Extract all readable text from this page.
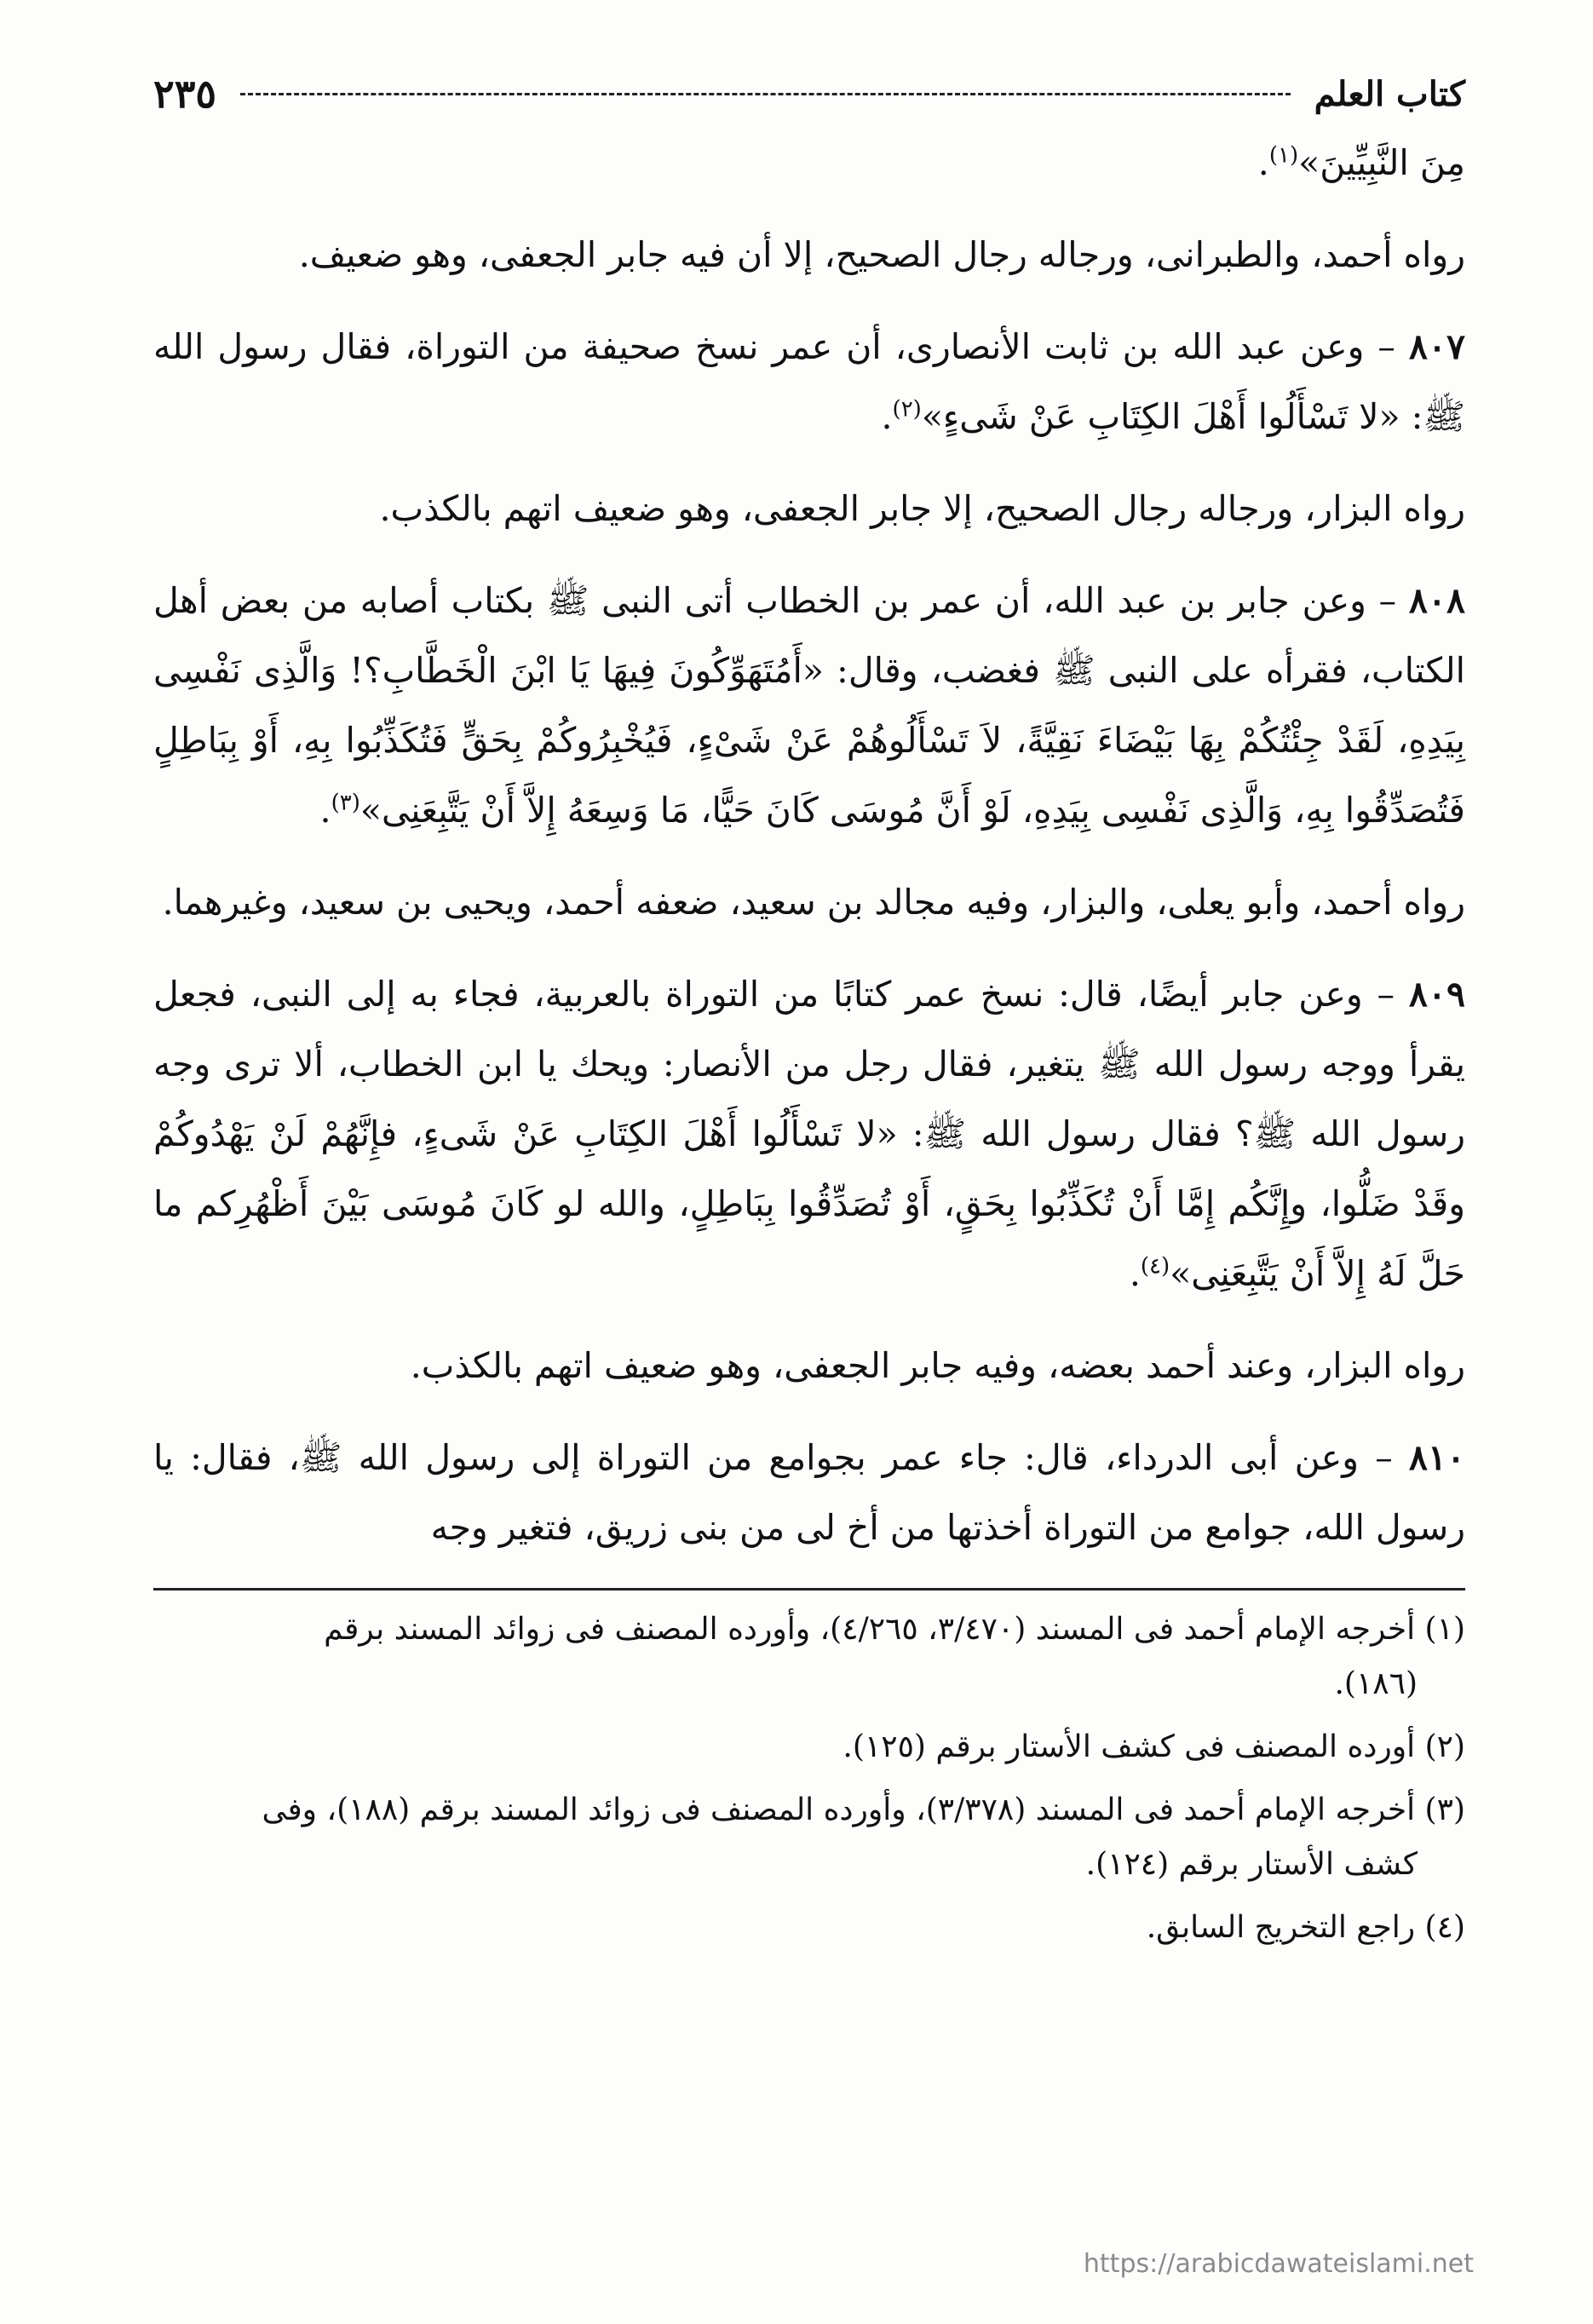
كتاب العلم
٢٣٥

مِنَ النَّبِيِّينَ»$^{(١)}$.

رواه أحمد، والطبرانى، ورجاله رجال الصحيح، إلا أن فيه جابر الجعفى، وهو ضعيف.

٨٠٧ – وعن عبد الله بن ثابت الأنصارى، أن عمر نسخ صحيفة من التوراة، فقال رسول الله ﷺ: «لا تَسْأَلُوا أَهْلَ الكِتَابِ عَنْ شَىءٍ»$^{(٢)}$.

رواه البزار، ورجاله رجال الصحيح، إلا جابر الجعفى، وهو ضعيف اتهم بالكذب.

٨٠٨ – وعن جابر بن عبد الله، أن عمر بن الخطاب أتى النبى ﷺ بكتاب أصابه من بعض أهل الكتاب، فقرأه على النبى ﷺ فغضب، وقال: «أَمُتَهَوِّكُونَ فِيهَا يَا ابْنَ الْخَطَّابِ؟! وَالَّذِى نَفْسِى بِيَدِهِ، لَقَدْ جِئْتُكُمْ بِهَا بَيْضَاءَ نَقِيَّةً، لاَ تَسْأَلُوهُمْ عَنْ شَىْءٍ، فَيُخْبِرُوكُمْ بِحَقٍّ فَتُكَذِّبُوا بِهِ، أَوْ بِبَاطِلٍ فَتُصَدِّقُوا بِهِ، وَالَّذِى نَفْسِى بِيَدِهِ، لَوْ أَنَّ مُوسَى كَانَ حَيًّا، مَا وَسِعَهُ إِلاَّ أَنْ يَتَّبِعَنِى»$^{(٣)}$.

رواه أحمد، وأبو يعلى، والبزار، وفيه مجالد بن سعيد، ضعفه أحمد، ويحيى بن سعيد، وغيرهما.

٨٠٩ – وعن جابر أيضًا، قال: نسخ عمر كتابًا من التوراة بالعربية، فجاء به إلى النبى، فجعل يقرأ ووجه رسول الله ﷺ يتغير، فقال رجل من الأنصار: ويحك يا ابن الخطاب، ألا ترى وجه رسول الله ﷺ؟ فقال رسول الله ﷺ: «لا تَسْأَلُوا أَهْلَ الكِتَابِ عَنْ شَىءٍ، فإِنَّهُمْ لَنْ يَهْدُوكُمْ وقَدْ ضَلُّوا، وإِنَّكُم إِمَّا أَنْ تُكَذِّبُوا بِحَقٍ، أَوْ تُصَدِّقُوا بِبَاطِلٍ، والله لو كَانَ مُوسَى بَيْنَ أَظْهُرِكم ما حَلَّ لَهُ إِلاَّ أَنْ يَتَّبِعَنِى»$^{(٤)}$.

رواه البزار، وعند أحمد بعضه، وفيه جابر الجعفى، وهو ضعيف اتهم بالكذب.

٨١٠ – وعن أبى الدرداء، قال: جاء عمر بجوامع من التوراة إلى رسول الله ﷺ، فقال: يا رسول الله، جوامع من التوراة أخذتها من أخ لى من بنى زريق، فتغير وجه

(١) أخرجه الإمام أحمد فى المسند (٣/٤٧٠، ٤/٢٦٥)، وأورده المصنف فى زوائد المسند برقم
(١٨٦).

(٢) أورده المصنف فى كشف الأستار برقم (١٢٥).

(٣) أخرجه الإمام أحمد فى المسند (٣/٣٧٨)، وأورده المصنف فى زوائد المسند برقم (١٨٨)، وفى
كشف الأستار برقم (١٢٤).

(٤) راجع التخريج السابق.

https://arabicdawateislami.net
